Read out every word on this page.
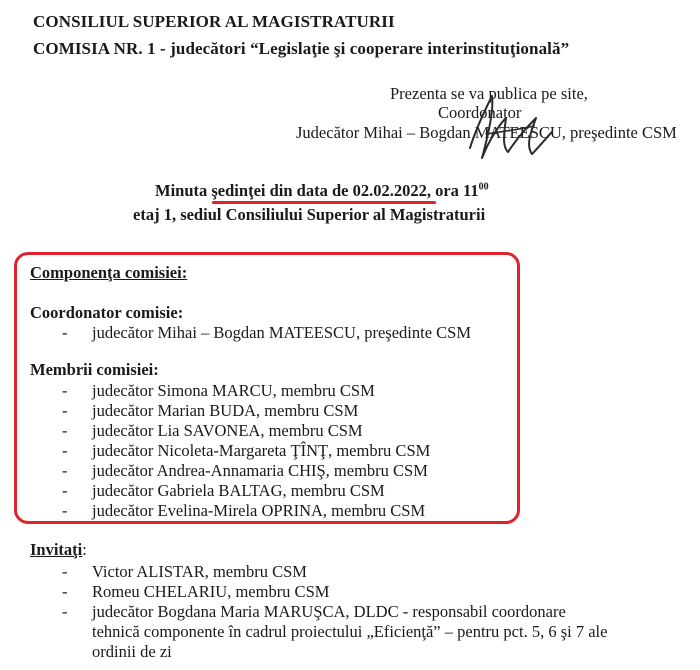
CONSILIUL SUPERIOR AL MAGISTRATURII
COMISIA NR. 1 - judecători “Legislaţie şi cooperare interinstituţională”
Prezenta se va publica pe site,
Coordonator
Judecător Mihai – Bogdan MATEESCU, preşedinte CSM
Minuta şedinţei din data de 02.02.2022, ora $11^{00}$
etaj 1, sediul Consiliului Superior al Magistraturii
Componenţa comisiei:
Coordonator comisie:
- judecător Mihai – Bogdan MATEESCU, preşedinte CSM
Membrii comisiei:
- judecător Simona MARCU, membru CSM
- judecător Marian BUDA, membru CSM
- judecător Lia SAVONEA, membru CSM
- judecător Nicoleta-Margareta ŢÎNŢ, membru CSM
- judecător Andrea-Annamaria CHIŞ, membru CSM
- judecător Gabriela BALTAG, membru CSM
- judecător Evelina-Mirela OPRINA, membru CSM
Invitaţi:
- Victor ALISTAR, membru CSM
- Romeu CHELARIU, membru CSM
- judecător Bogdana Maria MARUŞCA, DLDC - responsabil coordonare
tehnică componente în cadrul proiectului „Eficienţă” – pentru pct. 5, 6 şi 7 ale
ordinii de zi
